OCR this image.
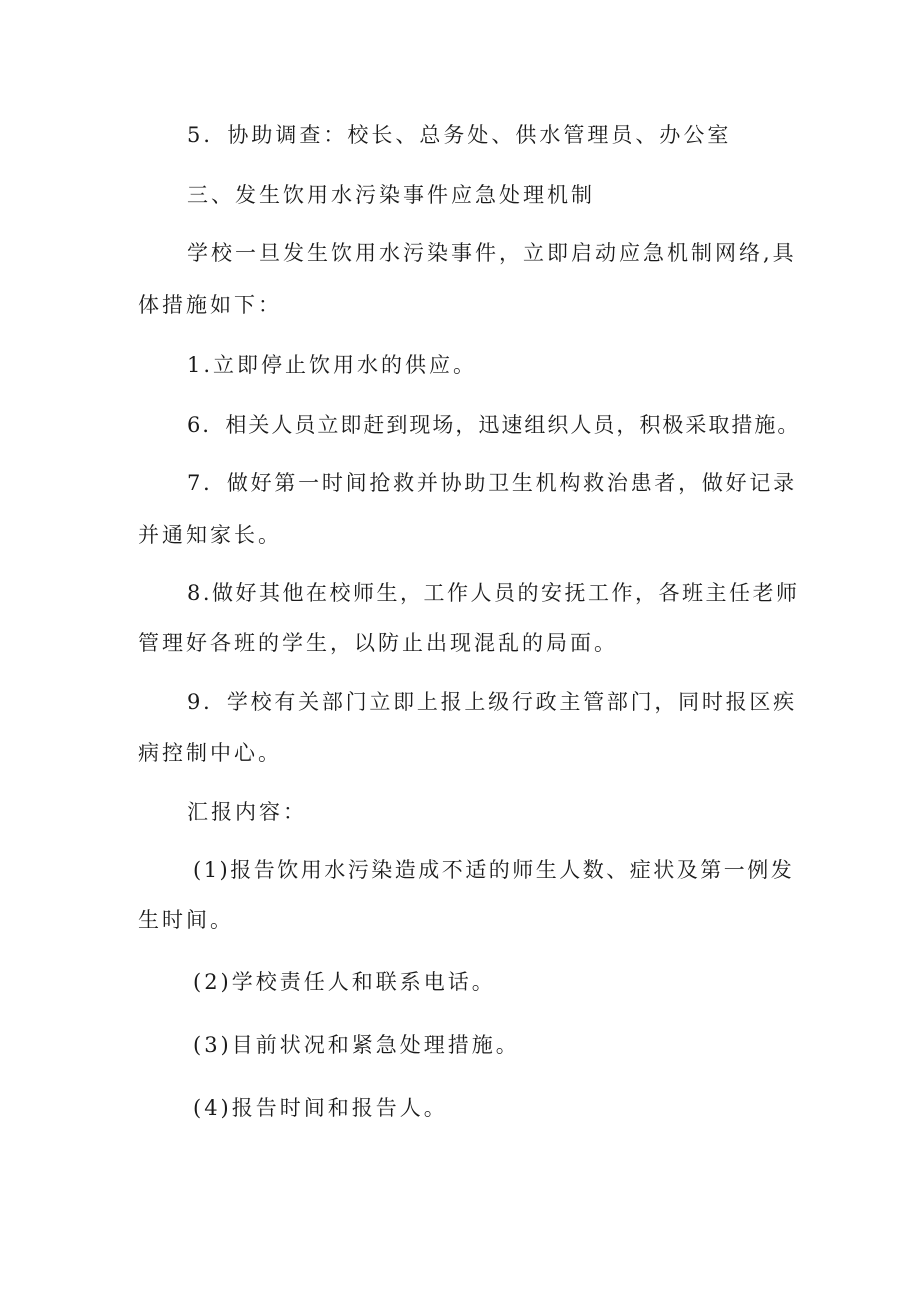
5．协助调查：校长、总务处、供水管理员、办公室
三、发生饮用水污染事件应急处理机制
学校一旦发生饮用水污染事件，立即启动应急机制网络,具
体措施如下：
1.立即停止饮用水的供应。
6．相关人员立即赶到现场，迅速组织人员，积极采取措施。
7．做好第一时间抢救并协助卫生机构救治患者，做好记录
并通知家长。
8.做好其他在校师生，工作人员的安抚工作，各班主任老师
管理好各班的学生，以防止出现混乱的局面。
9．学校有关部门立即上报上级行政主管部门，同时报区疾
病控制中心。
汇报内容：
(1)报告饮用水污染造成不适的师生人数、症状及第一例发
生时间。
(2)学校责任人和联系电话。
(3)目前状况和紧急处理措施。
(4)报告时间和报告人。
